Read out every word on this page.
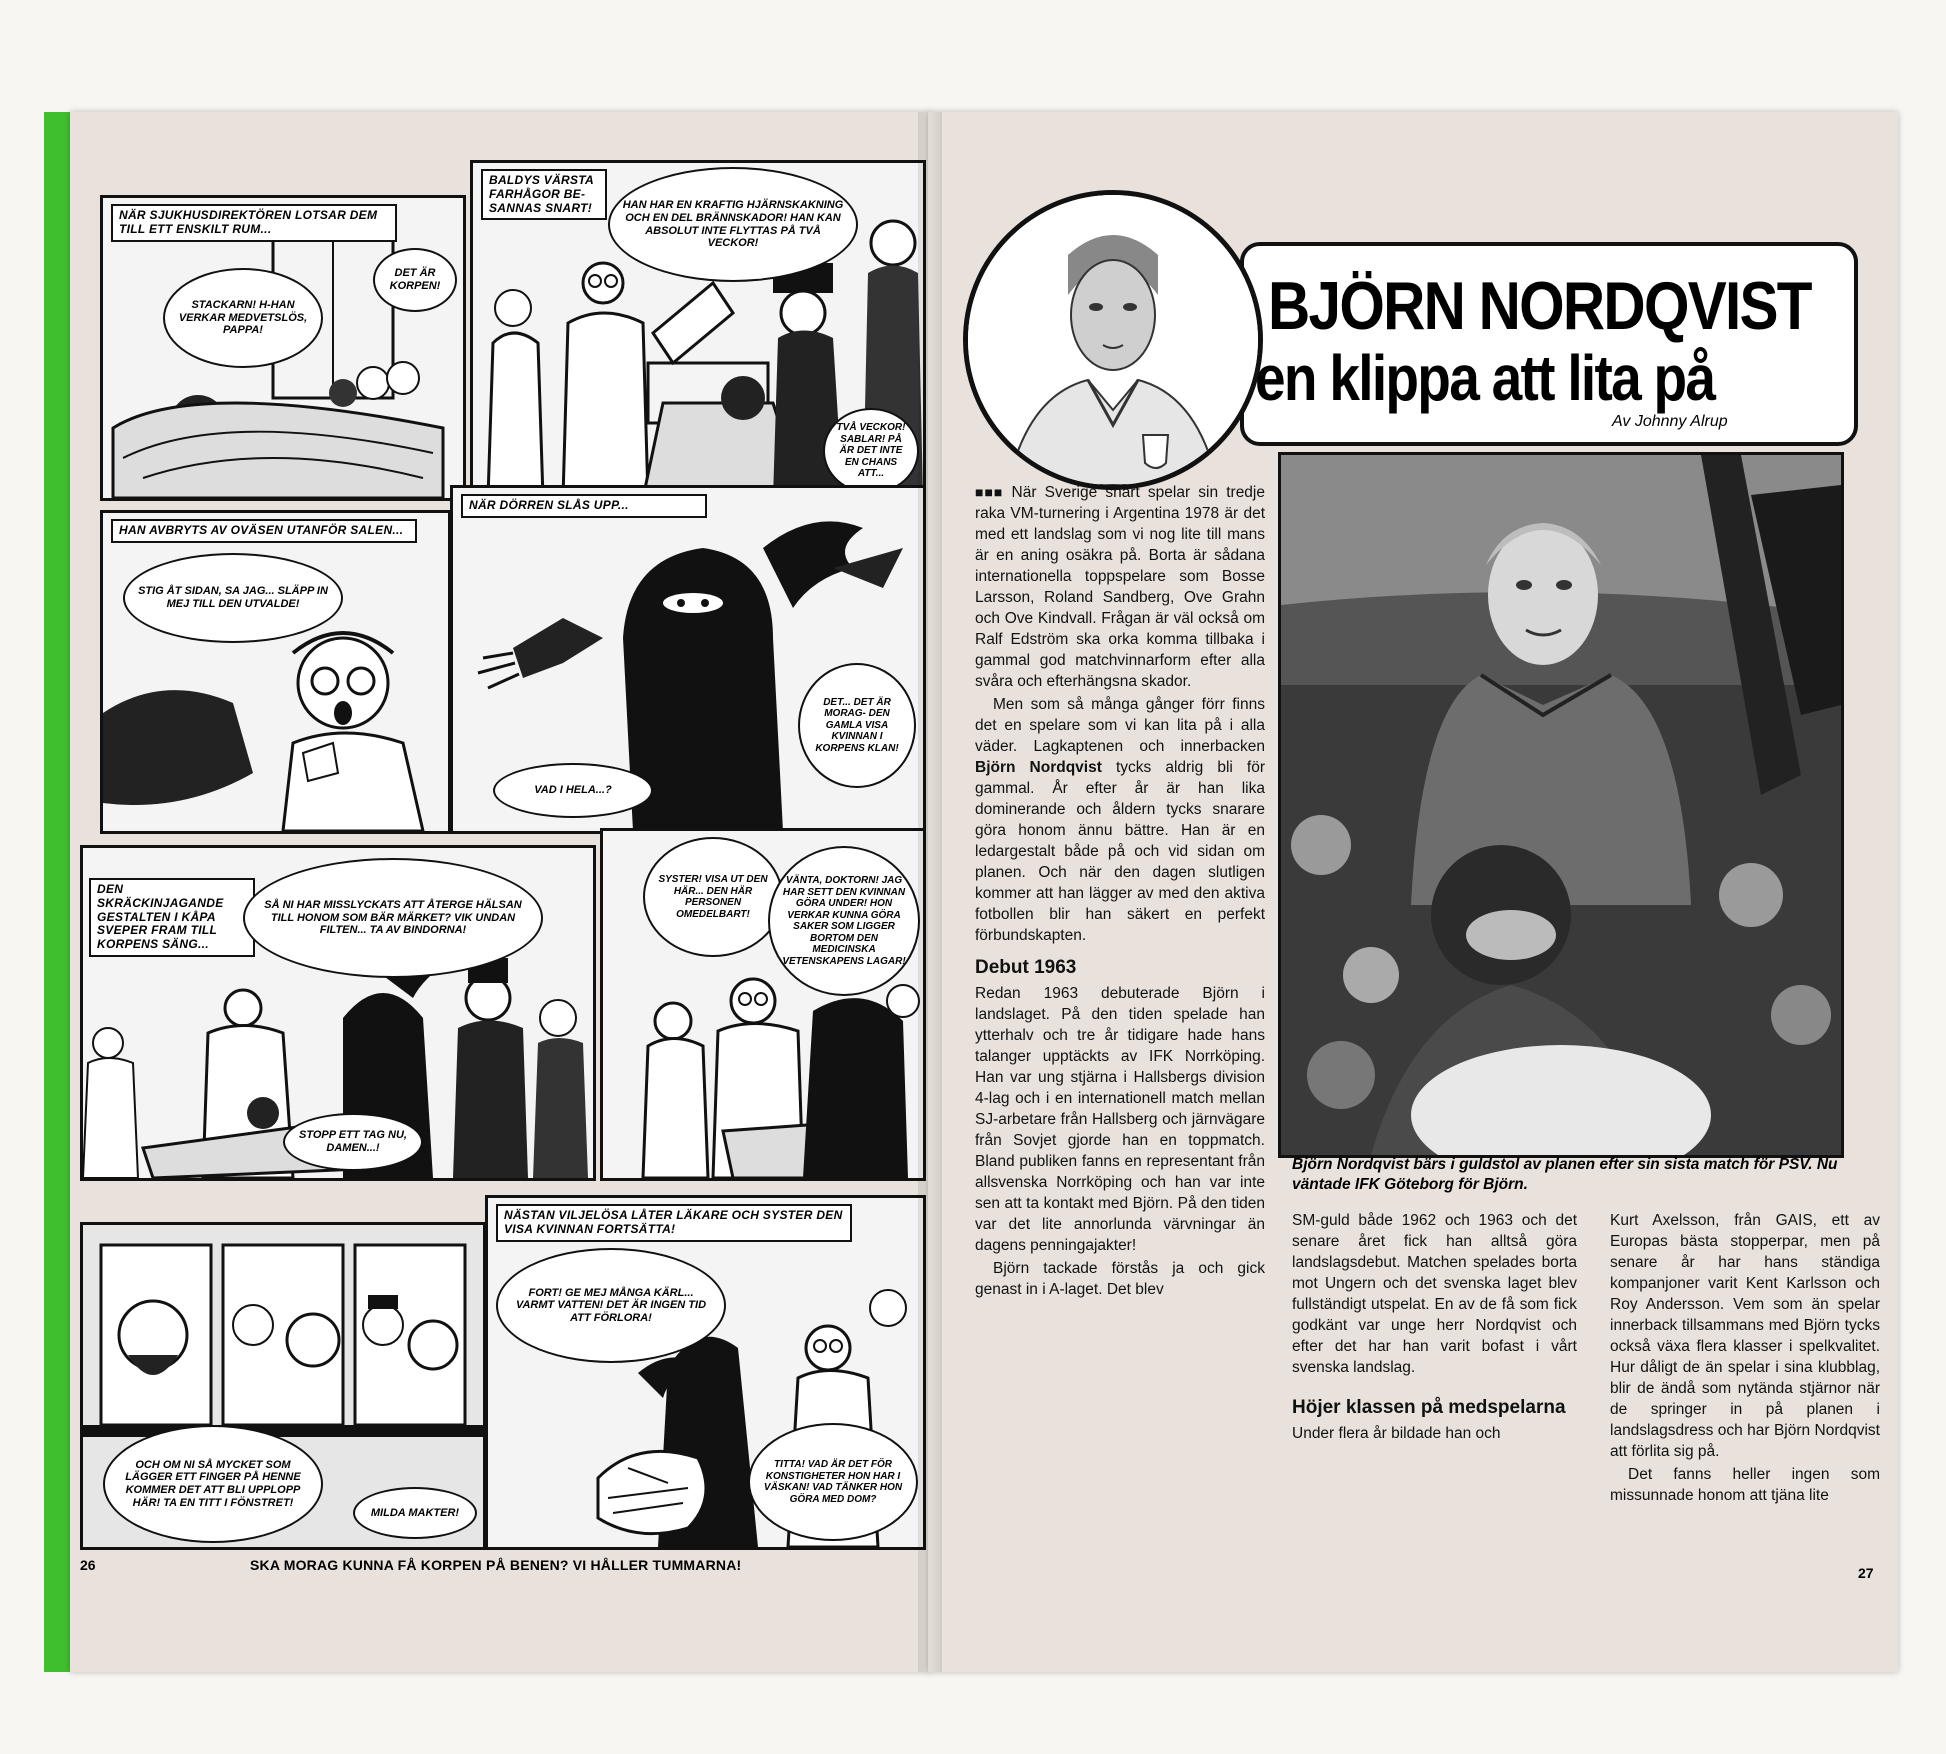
NÄR SJUKHUSDIREKTÖREN LOTSAR DEM TILL ETT ENSKILT RUM...
STACKARN! H-HAN VERKAR MEDVETSLÖS, PAPPA!
DET ÄR KORPEN!
BALDYS VÄRSTA FARHÅGOR BE-SANNAS SNART!	HAN HAR EN KRAFTIG HJÄRNSKAKNING OCH EN DEL BRÄNNSKADOR! HAN KAN ABSOLUT INTE FLYTTAS PÅ TVÅ VECKOR!
TVÅ VECKOR! SABLAR! PÅ ÄR DET INTE EN CHANS ATT...
HAN AVBRYTS AV OVÄSEN UTANFÖR SALEN...
STIG ÅT SIDAN, SA JAG... SLÄPP IN MEJ TILL DEN UTVALDE!
NÄR DÖRREN SLÅS UPP...
DET... DET ÄR MORAG- DEN GAMLA VISA KVINNAN I KORPENS KLAN!
VAD I HELA...?
DEN SKRÄCKINJAGANDE GESTALTEN I KÅPA SVEPER FRAM TILL KORPENS SÄNG...
SÅ NI HAR MISSLYCKATS ATT ÅTERGE HÄLSAN TILL HONOM SOM BÄR MÄRKET? VIK UNDAN FILTEN... TA AV BINDORNA!
STOPP ETT TAG NU, DAMEN...!
SYSTER! VISA UT DEN HÄR... DEN HÄR PERSONEN OMEDELBART!
VÄNTA, DOKTORN! JAG HAR SETT DEN KVINNAN GÖRA UNDER! HON VERKAR KUNNA GÖRA SAKER SOM LIGGER BORTOM DEN MEDICINSKA VETENSKAPENS LAGAR!
OCH OM NI SÅ MYCKET SOM LÄGGER ETT FINGER PÅ HENNE KOMMER DET ATT BLI UPPLOPP HÄR! TA EN TITT I FÖNSTRET!
MILDA MAKTER!
NÄSTAN VILJELÖSA LÅTER LÄKARE OCH SYSTER DEN VISA KVINNAN FORTSÄTTA!
FORT! GE MEJ MÅNGA KÄRL... VARMT VATTEN! DET ÄR INGEN TID ATT FÖRLORA!
TITTA! VAD ÄR DET FÖR KONSTIGHETER HON HAR I VÄSKAN! VAD TÄNKER HON GÖRA MED DOM?
26	SKA MORAG KUNNA FÅ KORPEN PÅ BENEN? VI HÅLLER TUMMARNA!
BJÖRN NORDQVIST
en klippa att lita på
Av Johnny Alrup

■■■ När Sverige snart spelar sin tredje raka VM-turnering i Argentina 1978 är det med ett landslag som vi nog lite till mans är en aning osäkra på. Borta är sådana internationella toppspelare som Bosse Larsson, Roland Sandberg, Ove Grahn och Ove Kindvall. Frågan är väl också om Ralf Edström ska orka komma tillbaka i gammal god matchvinnarform efter alla svåra och efterhängsna skador.

Men som så många gånger förr finns det en spelare som vi kan lita på i alla väder. Lagkaptenen och innerbacken Björn Nordqvist tycks aldrig bli för gammal. År efter år är han lika dominerande och åldern tycks snarare göra honom ännu bättre. Han är en ledargestalt både på och vid sidan om planen. Och när den dagen slutligen kommer att han lägger av med den aktiva fotbollen blir han säkert en perfekt förbundskapten.

Debut 1963

Redan 1963 debuterade Björn i landslaget. På den tiden spelade han ytterhalv och tre år tidigare hade hans talanger upptäckts av IFK Norrköping. Han var ung stjärna i Hallsbergs division 4-lag och i en internationell match mellan SJ-arbetare från Hallsberg och järnvägare från Sovjet gjorde han en toppmatch. Bland publiken fanns en representant från allsvenska Norrköping och han var inte sen att ta kontakt med Björn. På den tiden var det lite annorlunda värvningar än dagens penningajakter!

Björn tackade förstås ja och gick genast in i A-laget. Det blev

Björn Nordqvist bärs i guldstol av planen efter sin sista match för PSV. Nu väntade IFK Göteborg för Björn.

SM-guld både 1962 och 1963 och det senare året fick han alltså göra landslagsdebut. Matchen spelades borta mot Ungern och det svenska laget blev fullständigt utspelat. En av de få som fick godkänt var unge herr Nordqvist och efter det har han varit bofast i vårt svenska landslag.

Höjer klassen på medspelarna

Under flera år bildade han och

Kurt Axelsson, från GAIS, ett av Europas bästa stopperpar, men på senare år har hans ständiga kompanjoner varit Kent Karlsson och Roy Andersson. Vem som än spelar innerback tillsammans med Björn tycks också växa flera klasser i spelkvalitet. Hur dåligt de än spelar i sina klubblag, blir de ändå som nytända stjärnor när de springer in på planen i landslagsdress och har Björn Nordqvist att förlita sig på.

Det fanns heller ingen som missunnade honom att tjäna lite

27
